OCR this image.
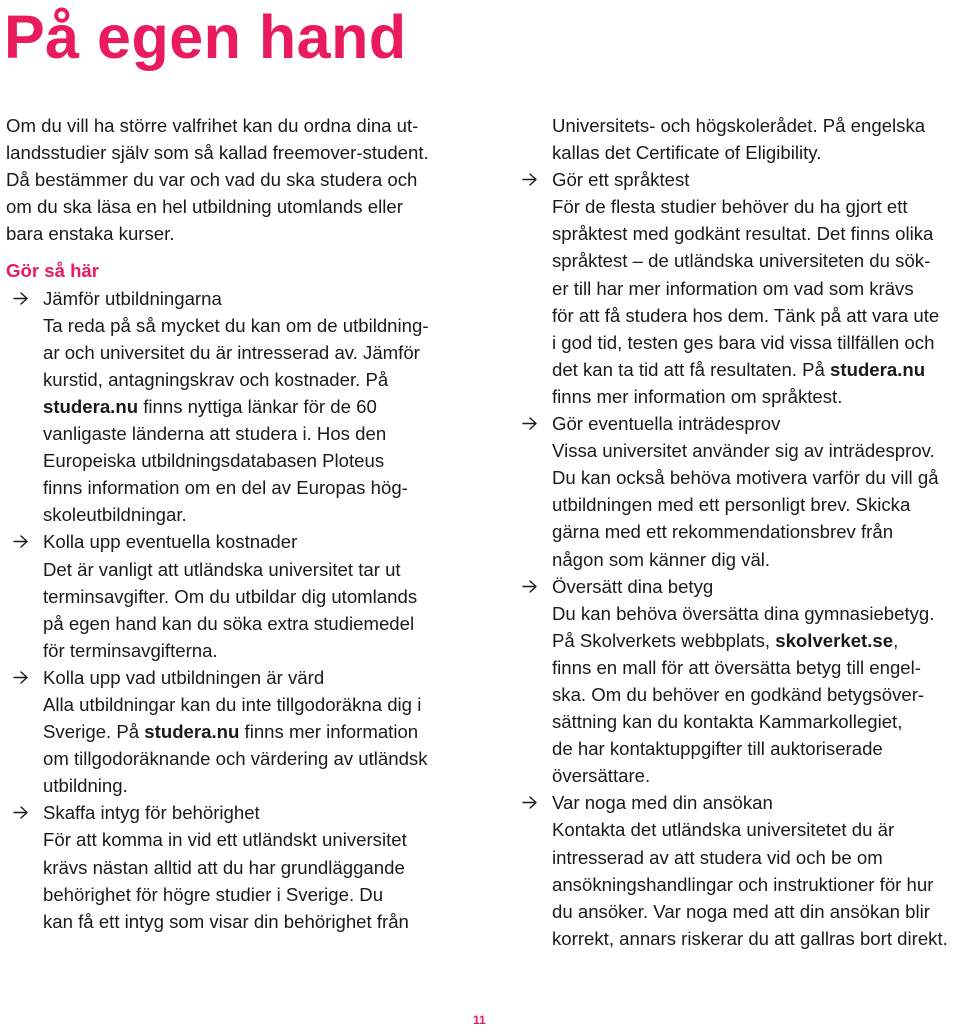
På egen hand

Om du vill ha större valfrihet kan du ordna dina ut-
landsstudier själv som så kallad freemover-student.
Då bestämmer du var och vad du ska studera och
om du ska läsa en hel utbildning utomlands eller
bara enstaka kurser.

Gör så här
Jämför utbildningarna
Ta reda på så mycket du kan om de utbildning-
ar och universitet du är intresserad av. Jämför
kurstid, antagningskrav och kostnader. På
studera.nu finns nyttiga länkar för de 60
vanligaste länderna att studera i. Hos den
Europeiska utbildningsdatabasen Ploteus
finns information om en del av Europas hög-
skoleutbildningar.
Kolla upp eventuella kostnader
Det är vanligt att utländska universitet tar ut
terminsavgifter. Om du utbildar dig utomlands
på egen hand kan du söka extra studiemedel
för terminsavgifterna.
Kolla upp vad utbildningen är värd
Alla utbildningar kan du inte tillgodoräkna dig i
Sverige. På studera.nu finns mer information
om tillgodoräknande och värdering av utländsk
utbildning.
Skaffa intyg för behörighet
För att komma in vid ett utländskt universitet
krävs nästan alltid att du har grundläggande
behörighet för högre studier i Sverige. Du
kan få ett intyg som visar din behörighet från
Universitets- och högskolerådet. På engelska
kallas det Certificate of Eligibility.
Gör ett språktest
För de flesta studier behöver du ha gjort ett
språktest med godkänt resultat. Det finns olika
språktest – de utländska universiteten du sök-
er till har mer information om vad som krävs
för att få studera hos dem. Tänk på att vara ute
i god tid, testen ges bara vid vissa tillfällen och
det kan ta tid att få resultaten. På studera.nu
finns mer information om språktest.
Gör eventuella inträdesprov
Vissa universitet använder sig av inträdesprov.
Du kan också behöva motivera varför du vill gå
utbildningen med ett personligt brev. Skicka
gärna med ett rekommendationsbrev från
någon som känner dig väl.
Översätt dina betyg
Du kan behöva översätta dina gymnasiebetyg.
På Skolverkets webbplats, skolverket.se,
finns en mall för att översätta betyg till engel-
ska. Om du behöver en godkänd betygsöver-
sättning kan du kontakta Kammarkollegiet,
de har kontaktuppgifter till auktoriserade
översättare.
Var noga med din ansökan
Kontakta det utländska universitetet du är
intresserad av att studera vid och be om
ansökningshandlingar och instruktioner för hur
du ansöker. Var noga med att din ansökan blir
korrekt, annars riskerar du att gallras bort direkt.
11
